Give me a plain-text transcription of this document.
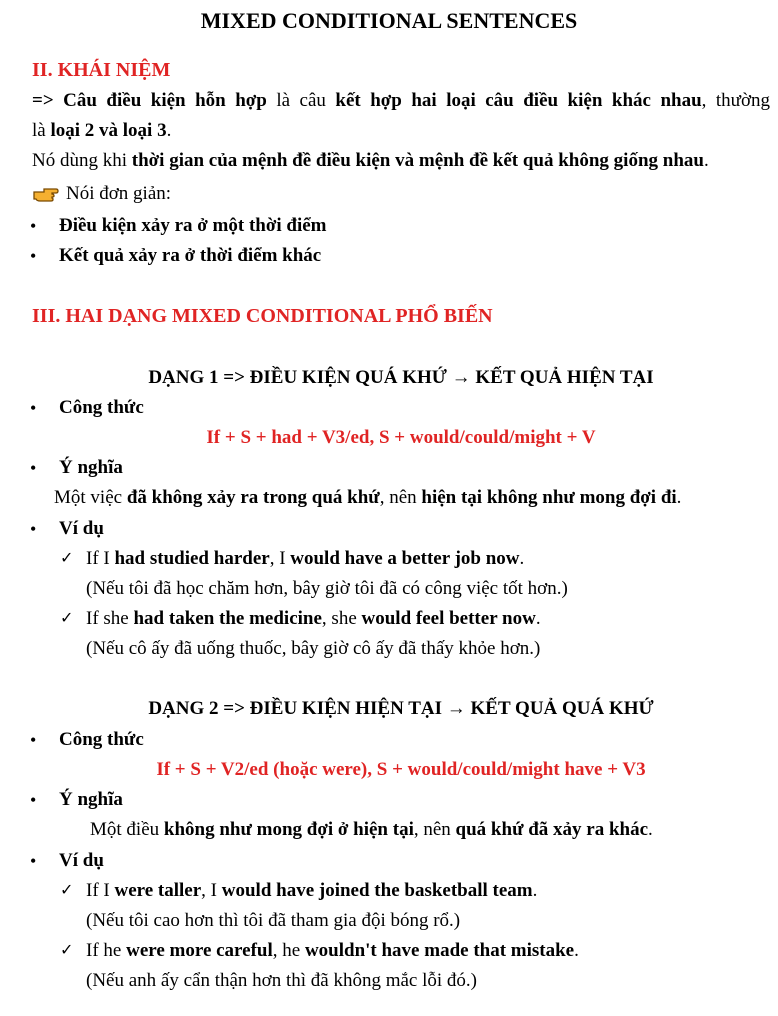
MIXED CONDITIONAL SENTENCES
II. KHÁI NIỆM
=> Câu điều kiện hỗn hợp là câu kết hợp hai loại câu điều kiện khác nhau, thường
là loại 2 và loại 3.
Nó dùng khi thời gian của mệnh đề điều kiện và mệnh đề kết quả không giống nhau.
Nói đơn giản:
• Điều kiện xảy ra ở một thời điểm
• Kết quả xảy ra ở thời điểm khác
III. HAI DẠNG MIXED CONDITIONAL PHỔ BIẾN
DẠNG 1 => ĐIỀU KIỆN QUÁ KHỨ → KẾT QUẢ HIỆN TẠI
• Công thức
If + S + had + V3/ed, S + would/could/might + V
• Ý nghĩa
Một việc đã không xảy ra trong quá khứ, nên hiện tại không như mong đợi đi.
• Ví dụ
✓ If I had studied harder, I would have a better job now.
(Nếu tôi đã học chăm hơn, bây giờ tôi đã có công việc tốt hơn.)
✓ If she had taken the medicine, she would feel better now.
(Nếu cô ấy đã uống thuốc, bây giờ cô ấy đã thấy khỏe hơn.)
DẠNG 2 => ĐIỀU KIỆN HIỆN TẠI → KẾT QUẢ QUÁ KHỨ
• Công thức
If + S + V2/ed (hoặc were), S + would/could/might have + V3
• Ý nghĩa
Một điều không như mong đợi ở hiện tại, nên quá khứ đã xảy ra khác.
• Ví dụ
✓ If I were taller, I would have joined the basketball team.
(Nếu tôi cao hơn thì tôi đã tham gia đội bóng rổ.)
✓ If he were more careful, he wouldn't have made that mistake.
(Nếu anh ấy cẩn thận hơn thì đã không mắc lỗi đó.)
